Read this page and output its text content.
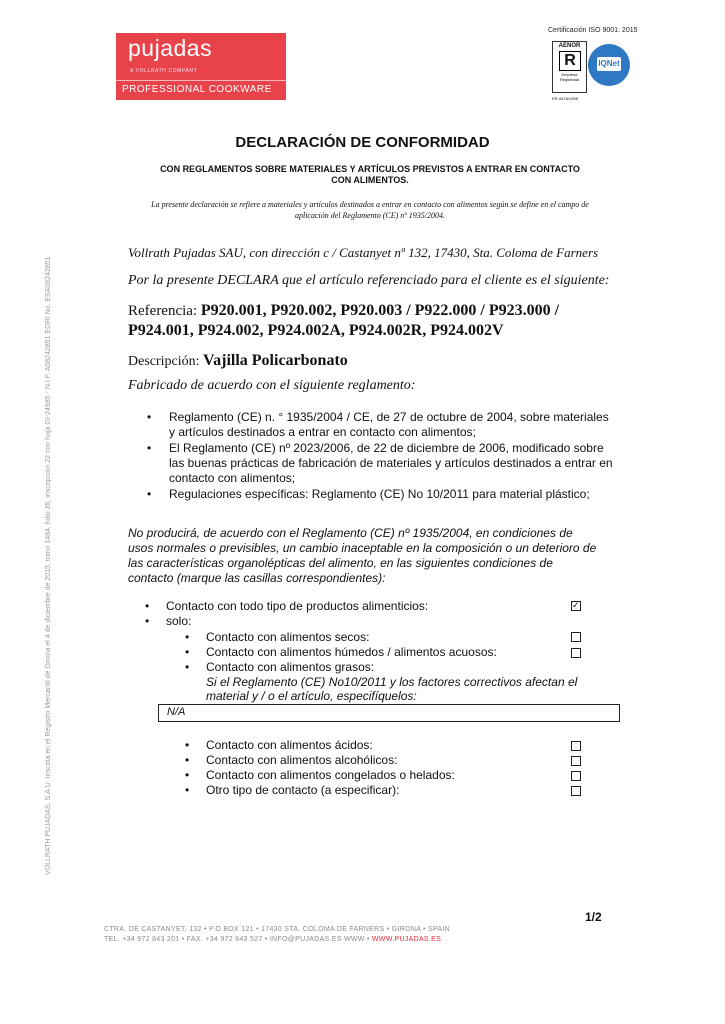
VOLLRATH PUJADAS, S.A.U. Inscrita en el Registro Mercantil de Girona el 4 de diciembre de 2015, tomo 1484, folio 35, inscripción 22 con hoja GI-24985 - N.I.F. A08242851 EORI No. ESA08242851
pujadas
A VOLLRATH COMPANY
PROFESSIONAL COOKWARE
Certificación ISO 9001: 2015
AENOR
R
Empresa Registrada
ER-0678/1998
IQNet
DECLARACIÓN DE CONFORMIDAD
CON REGLAMENTOS SOBRE MATERIALES Y ARTÍCULOS PREVISTOS A ENTRAR EN CONTACTO CON ALIMENTOS.
La presente declaración se refiere a materiales y artículos destinados a entrar en contacto con alimentos según se define en el campo de aplicación del Reglamento (CE) nº 1935/2004.
Vollrath Pujadas SAU, con dirección c / Castanyet nº 132, 17430, Sta. Coloma de Farners
Por la presente DECLARA que el artículo referenciado para el cliente es el siguiente:
Referencia: P920.001, P920.002, P920.003 / P922.000 / P923.000 / P924.001, P924.002, P924.002A, P924.002R, P924.002V
Descripción: Vajilla Policarbonato
Fabricado de acuerdo con el siguiente reglamento:
• Reglamento (CE) n. ° 1935/2004 / CE, de 27 de octubre de 2004, sobre materiales y artículos destinados a entrar en contacto con alimentos;
• El Reglamento (CE) nº 2023/2006, de 22 de diciembre de 2006, modificado sobre las buenas prácticas de fabricación de materiales y artículos destinados a entrar en contacto con alimentos;
• Regulaciones específicas: Reglamento (CE) No 10/2011 para material plástico;
No producirá, de acuerdo con el Reglamento (CE) nº 1935/2004, en condiciones de usos normales o previsibles, un cambio inaceptable en la composición o un deterioro de las características organolépticas del alimento, en las siguientes condiciones de contacto (marque las casillas correspondientes):
• Contacto con todo tipo de productos alimenticios:
✓
• solo:
• Contacto con alimentos secos:
• Contacto con alimentos húmedos / alimentos acuosos:
• Contacto con alimentos grasos:
Si el Reglamento (CE) No10/2011 y los factores correctivos afectan el
material y / o el artículo, especifíquelos:
N/A
• Contacto con alimentos ácidos:
• Contacto con alimentos alcohólicos:
• Contacto con alimentos congelados o helados:
• Otro tipo de contacto (a especificar):
1/2
CTRA. DE CASTANYET, 132 • P.O.BOX 121 • 17430 STA. COLOMA DE FARNERS • GIRONA • SPAIN
TEL. +34 972 843 201 • FAX. +34 972 843 527 • INFO@PUJADAS.ES WWW • WWW.PUJADAS.ES
